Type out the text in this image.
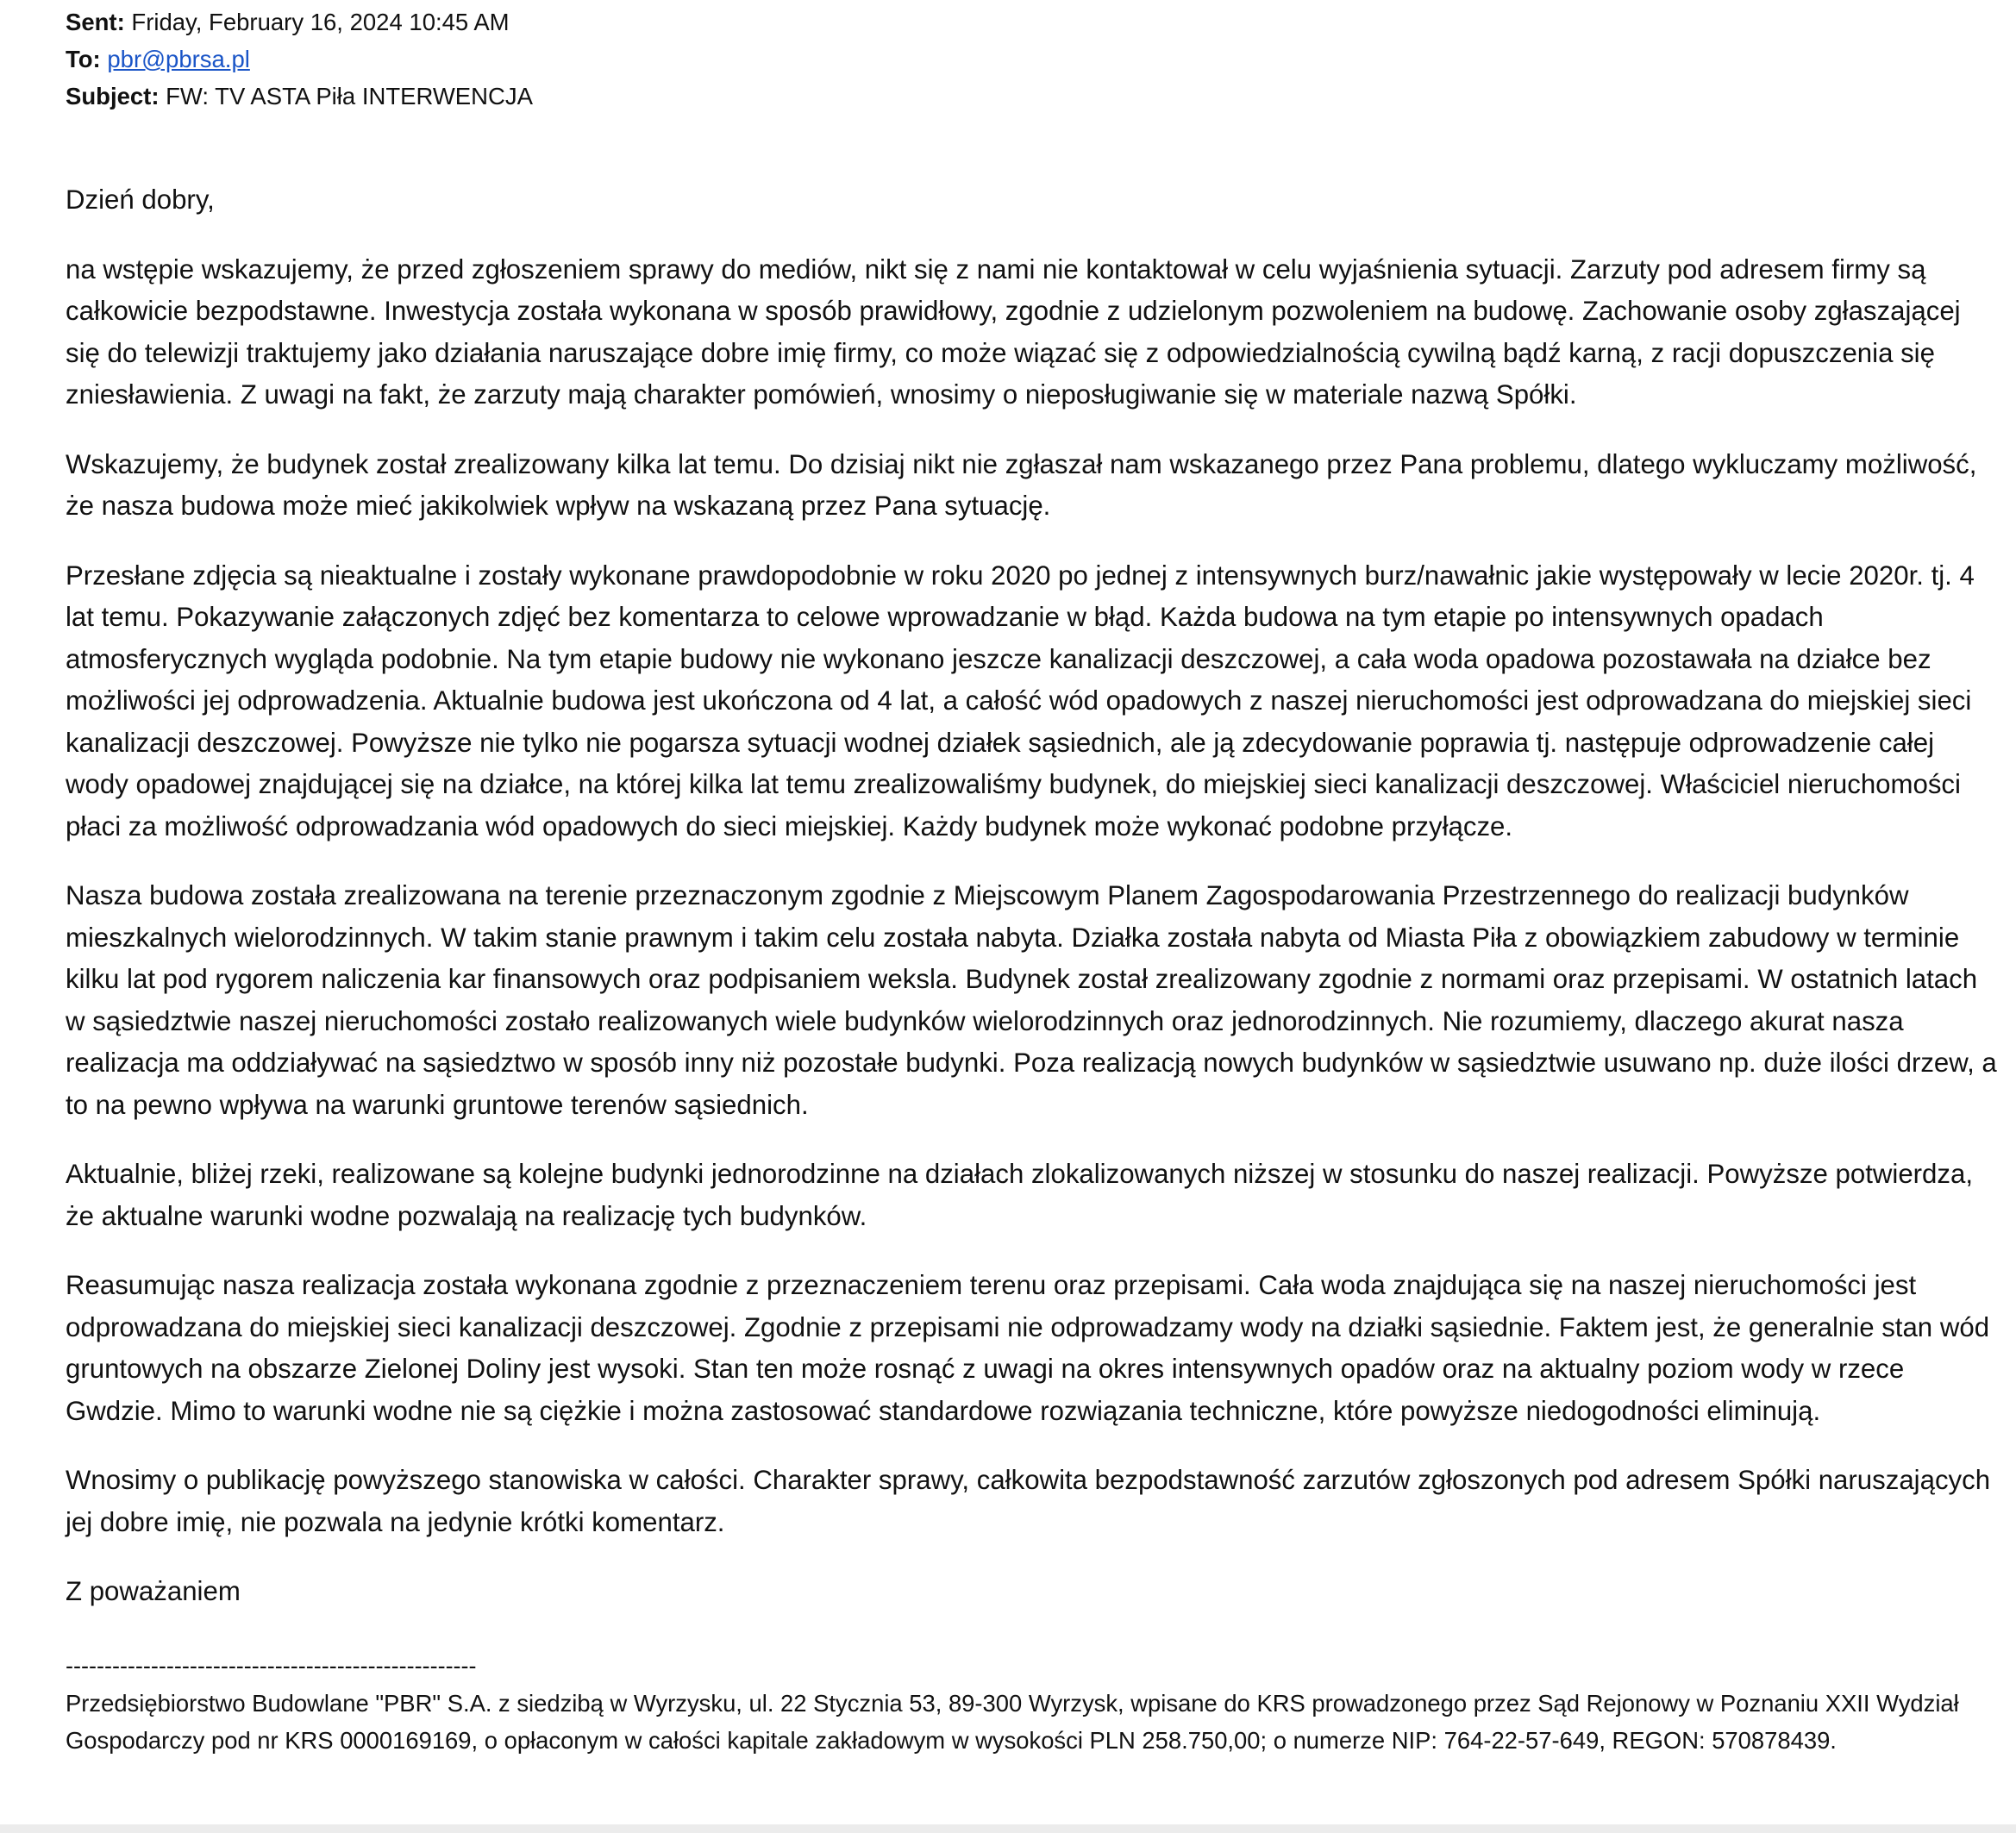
Sent: Friday, February 16, 2024 10:45 AM
To: pbr@pbrsa.pl
Subject: FW: TV ASTA Piła INTERWENCJA

Dzień dobry,

na wstępie wskazujemy, że przed zgłoszeniem sprawy do mediów, nikt się z nami nie kontaktował w celu wyjaśnienia sytuacji. Zarzuty pod adresem firmy są całkowicie bezpodstawne. Inwestycja została wykonana w sposób prawidłowy, zgodnie z udzielonym pozwoleniem na budowę. Zachowanie osoby zgłaszającej się do telewizji traktujemy jako działania naruszające dobre imię firmy, co może wiązać się z odpowiedzialnością cywilną bądź karną, z racji dopuszczenia się zniesławienia. Z uwagi na fakt, że zarzuty mają charakter pomówień, wnosimy o nieposługiwanie się w materiale nazwą Spółki.

Wskazujemy, że budynek został zrealizowany kilka lat temu. Do dzisiaj nikt nie zgłaszał nam wskazanego przez Pana problemu, dlatego wykluczamy możliwość, że nasza budowa może mieć jakikolwiek wpływ na wskazaną przez Pana sytuację.

Przesłane zdjęcia są nieaktualne i zostały wykonane prawdopodobnie w roku 2020 po jednej z intensywnych burz/nawałnic jakie występowały w lecie 2020r. tj. 4 lat temu. Pokazywanie załączonych zdjęć bez komentarza to celowe wprowadzanie w błąd. Każda budowa na tym etapie po intensywnych opadach atmosferycznych wygląda podobnie. Na tym etapie budowy nie wykonano jeszcze kanalizacji deszczowej, a cała woda opadowa pozostawała na działce bez możliwości jej odprowadzenia. Aktualnie budowa jest ukończona od 4 lat, a całość wód opadowych z naszej nieruchomości jest odprowadzana do miejskiej sieci kanalizacji deszczowej. Powyższe nie tylko nie pogarsza sytuacji wodnej działek sąsiednich, ale ją zdecydowanie poprawia tj. następuje odprowadzenie całej wody opadowej znajdującej się na działce, na której kilka lat temu zrealizowaliśmy budynek, do miejskiej sieci kanalizacji deszczowej. Właściciel nieruchomości płaci za możliwość odprowadzania wód opadowych do sieci miejskiej. Każdy budynek może wykonać podobne przyłącze.

Nasza budowa została zrealizowana na terenie przeznaczonym zgodnie z Miejscowym Planem Zagospodarowania Przestrzennego do realizacji budynków mieszkalnych wielorodzinnych. W takim stanie prawnym i takim celu została nabyta. Działka została nabyta od Miasta Piła z obowiązkiem zabudowy w terminie kilku lat pod rygorem naliczenia kar finansowych oraz podpisaniem weksla. Budynek został zrealizowany zgodnie z normami oraz przepisami. W ostatnich latach w sąsiedztwie naszej nieruchomości zostało realizowanych wiele budynków wielorodzinnych oraz jednorodzinnych. Nie rozumiemy, dlaczego akurat nasza realizacja ma oddziaływać na sąsiedztwo w sposób inny niż pozostałe budynki. Poza realizacją nowych budynków w sąsiedztwie usuwano np. duże ilości drzew, a to na pewno wpływa na warunki gruntowe terenów sąsiednich.

Aktualnie, bliżej rzeki, realizowane są kolejne budynki jednorodzinne na działach zlokalizowanych niższej w stosunku do naszej realizacji. Powyższe potwierdza, że aktualne warunki wodne pozwalają na realizację tych budynków.

Reasumując nasza realizacja została wykonana zgodnie z przeznaczeniem terenu oraz przepisami. Cała woda znajdująca się na naszej nieruchomości jest odprowadzana do miejskiej sieci kanalizacji deszczowej. Zgodnie z przepisami nie odprowadzamy wody na działki sąsiednie. Faktem jest, że generalnie stan wód gruntowych na obszarze Zielonej Doliny jest wysoki. Stan ten może rosnąć z uwagi na okres intensywnych opadów oraz na aktualny poziom wody w rzece Gwdzie. Mimo to warunki wodne nie są ciężkie i można zastosować standardowe rozwiązania techniczne, które powyższe niedogodności eliminują.

Wnosimy o publikację powyższego stanowiska w całości. Charakter sprawy, całkowita bezpodstawność zarzutów zgłoszonych pod adresem Spółki naruszających jej dobre imię, nie pozwala na jedynie krótki komentarz.

Z poważaniem

-----------------------------------------------------
Przedsiębiorstwo Budowlane "PBR" S.A. z siedzibą w Wyrzysku, ul. 22 Stycznia 53, 89-300 Wyrzysk, wpisane do KRS prowadzonego przez Sąd Rejonowy w Poznaniu XXII Wydział Gospodarczy pod nr KRS 0000169169, o opłaconym w całości kapitale zakładowym w wysokości PLN 258.750,00; o numerze NIP: 764-22-57-649, REGON: 570878439.
